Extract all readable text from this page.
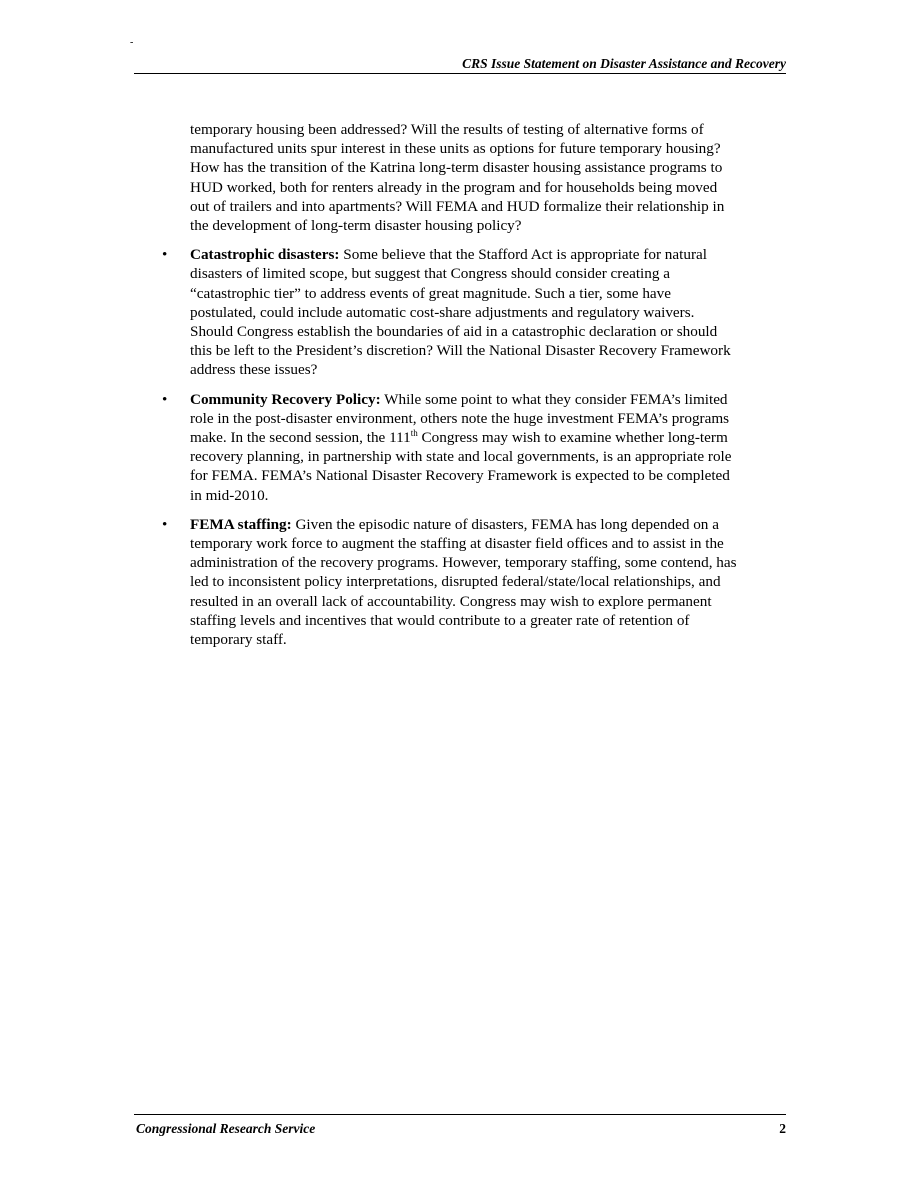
-
CRS Issue Statement on Disaster Assistance and Recovery

temporary housing been addressed? Will the results of testing of alternative forms of manufactured units spur interest in these units as options for future temporary housing? How has the transition of the Katrina long-term disaster housing assistance programs to HUD worked, both for renters already in the program and for households being moved out of trailers and into apartments? Will FEMA and HUD formalize their relationship in the development of long-term disaster housing policy?

• Catastrophic disasters: Some believe that the Stafford Act is appropriate for natural disasters of limited scope, but suggest that Congress should consider creating a “catastrophic tier” to address events of great magnitude. Such a tier, some have postulated, could include automatic cost-share adjustments and regulatory waivers. Should Congress establish the boundaries of aid in a catastrophic declaration or should this be left to the President’s discretion? Will the National Disaster Recovery Framework address these issues?
• Community Recovery Policy: While some point to what they consider FEMA’s limited role in the post-disaster environment, others note the huge investment FEMA’s programs make. In the second session, the 111th Congress may wish to examine whether long-term recovery planning, in partnership with state and local governments, is an appropriate role for FEMA. FEMA’s National Disaster Recovery Framework is expected to be completed in mid-2010.
• FEMA staffing: Given the episodic nature of disasters, FEMA has long depended on a temporary work force to augment the staffing at disaster field offices and to assist in the administration of the recovery programs. However, temporary staffing, some contend, has led to inconsistent policy interpretations, disrupted federal/state/local relationships, and resulted in an overall lack of accountability. Congress may wish to explore permanent staffing levels and incentives that would contribute to a greater rate of retention of temporary staff.
Congressional Research Service	2
